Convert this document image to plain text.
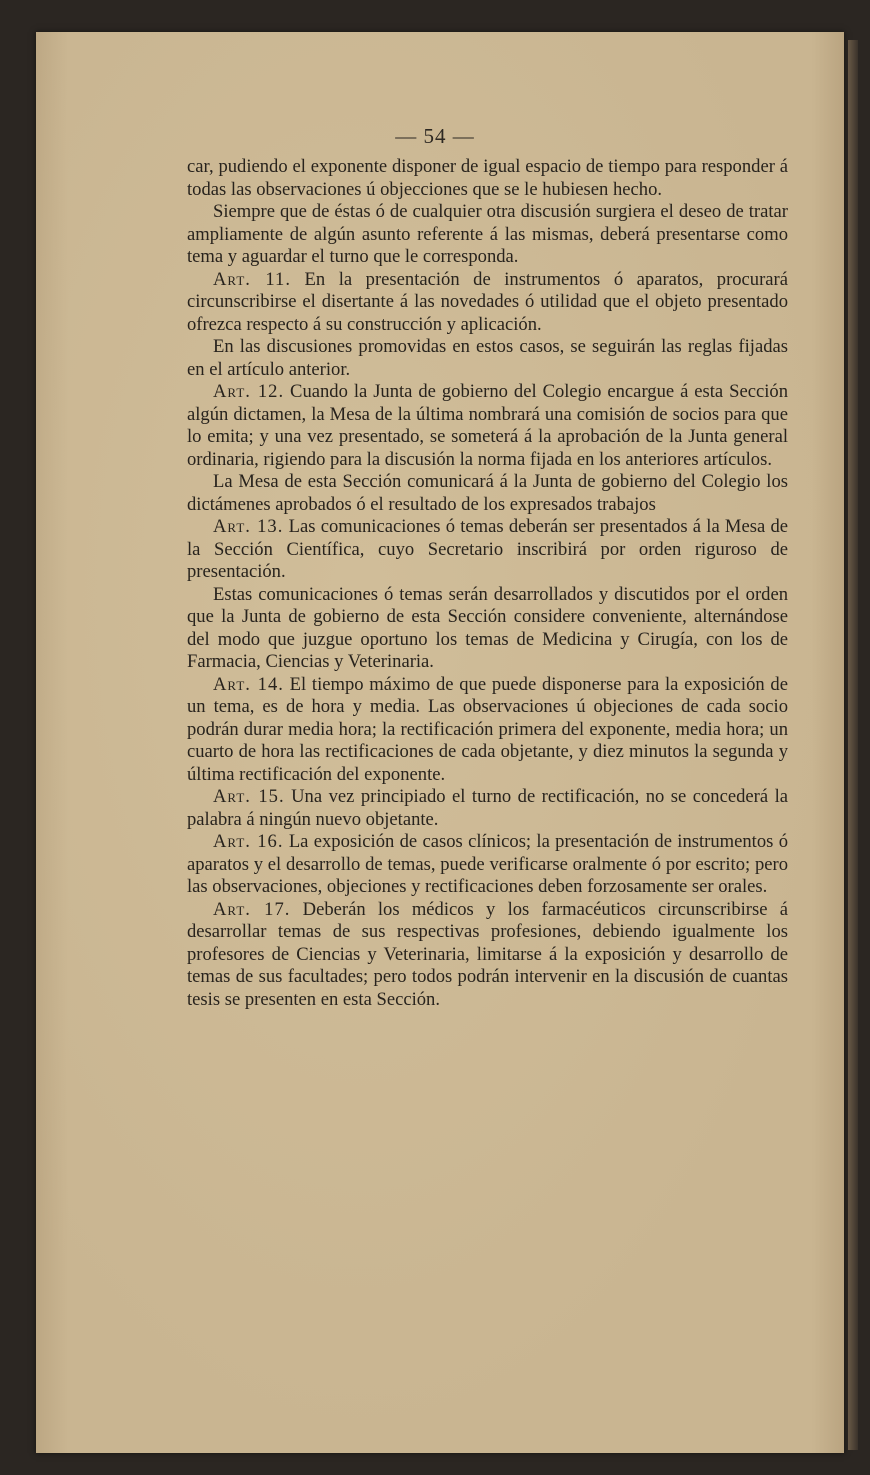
— 54 —

car, pudiendo el exponente disponer de igual espacio de tiempo para responder á todas las observaciones ú objecciones que se le hubiesen hecho.

Siempre que de éstas ó de cualquier otra discusión surgiera el deseo de tratar ampliamente de algún asunto referente á las mismas, deberá presentarse como tema y aguardar el turno que le corresponda.

Art. 11. En la presentación de instrumentos ó aparatos, procurará circunscribirse el disertante á las novedades ó utilidad que el objeto presentado ofrezca respecto á su construcción y aplicación.

En las discusiones promovidas en estos casos, se seguirán las reglas fijadas en el artículo anterior.

Art. 12. Cuando la Junta de gobierno del Colegio encargue á esta Sección algún dictamen, la Mesa de la última nombrará una comisión de socios para que lo emita; y una vez presentado, se someterá á la aprobación de la Junta general ordinaria, rigiendo para la discusión la norma fijada en los anteriores artículos.

La Mesa de esta Sección comunicará á la Junta de gobierno del Colegio los dictámenes aprobados ó el resultado de los expresados trabajos

Art. 13. Las comunicaciones ó temas deberán ser presentados á la Mesa de la Sección Científica, cuyo Secretario inscribirá por orden riguroso de presentación.

Estas comunicaciones ó temas serán desarrollados y discutidos por el orden que la Junta de gobierno de esta Sección considere conveniente, alternándose del modo que juzgue oportuno los temas de Medicina y Cirugía, con los de Farmacia, Ciencias y Veterinaria.

Art. 14. El tiempo máximo de que puede disponerse para la exposición de un tema, es de hora y media. Las observaciones ú objeciones de cada socio podrán durar media hora; la rectificación primera del exponente, media hora; un cuarto de hora las rectificaciones de cada objetante, y diez minutos la segunda y última rectificación del exponente.

Art. 15. Una vez principiado el turno de rectificación, no se concederá la palabra á ningún nuevo objetante.

Art. 16. La exposición de casos clínicos; la presentación de instrumentos ó aparatos y el desarrollo de temas, puede verificarse oralmente ó por escrito; pero las observaciones, objeciones y rectificaciones deben forzosamente ser orales.

Art. 17. Deberán los médicos y los farmacéuticos circunscribirse á desarrollar temas de sus respectivas profesiones, debiendo igualmente los profesores de Ciencias y Veterinaria, limitarse á la exposición y desarrollo de temas de sus facultades; pero todos podrán intervenir en la discusión de cuantas tesis se presenten en esta Sección.
